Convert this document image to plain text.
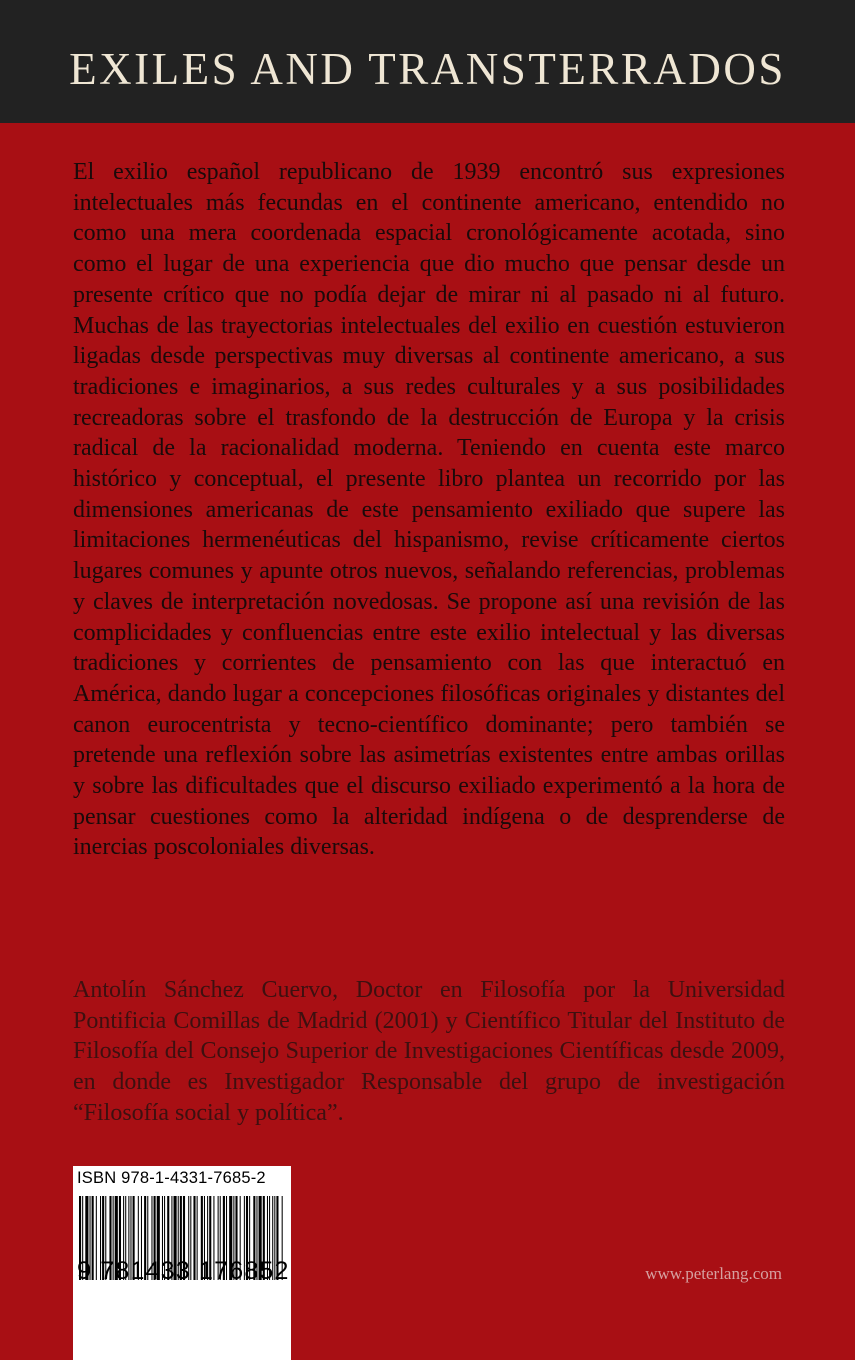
EXILES AND TRANSTERRADOS

El exilio español republicano de 1939 encontró sus expresiones intelectuales más fecundas en el continente americano, entendido no como una mera coordenada espacial cronológicamente acotada, sino como el lugar de una experiencia que dio mucho que pensar desde un presente crítico que no podía dejar de mirar ni al pasado ni al futuro. Muchas de las trayectorias intelectuales del exilio en cuestión estuvieron ligadas desde perspectivas muy diversas al continente americano, a sus tradiciones e imaginarios, a sus redes culturales y a sus posibilidades recreadoras sobre el trasfondo de la destrucción de Europa y la crisis radical de la racionalidad moderna. Teniendo en cuenta este marco histórico y conceptual, el presente libro plantea un recorrido por las dimensiones americanas de este pensamiento exiliado que supere las limitaciones hermenéuticas del hispanismo, revise críticamente ciertos lugares comunes y apunte otros nuevos, señalando referencias, problemas y claves de interpretación novedosas. Se propone así una revisión de las complicidades y confluencias entre este exilio intelectual y las diversas tradiciones y corrientes de pensamiento con las que interactuó en América, dando lugar a concepciones filosóficas originales y distantes del canon eurocentrista y tecno-científico dominante; pero también se pretende una reflexión sobre las asimetrías existentes entre ambas orillas y sobre las dificultades que el discurso exiliado experimentó a la hora de pensar cuestiones como la alteridad indígena o de desprenderse de inercias poscoloniales diversas.

Antolín Sánchez Cuervo, Doctor en Filosofía por la Universidad Pontificia Comillas de Madrid (2001) y Científico Titular del Instituto de Filosofía del Consejo Superior de Investigaciones Científicas desde 2009, en donde es Investigador Responsable del grupo de investigación “Filosofía social y política”.

ISBN 978-1-4331-7685-2
9 781433 176852	www.peterlang.com
